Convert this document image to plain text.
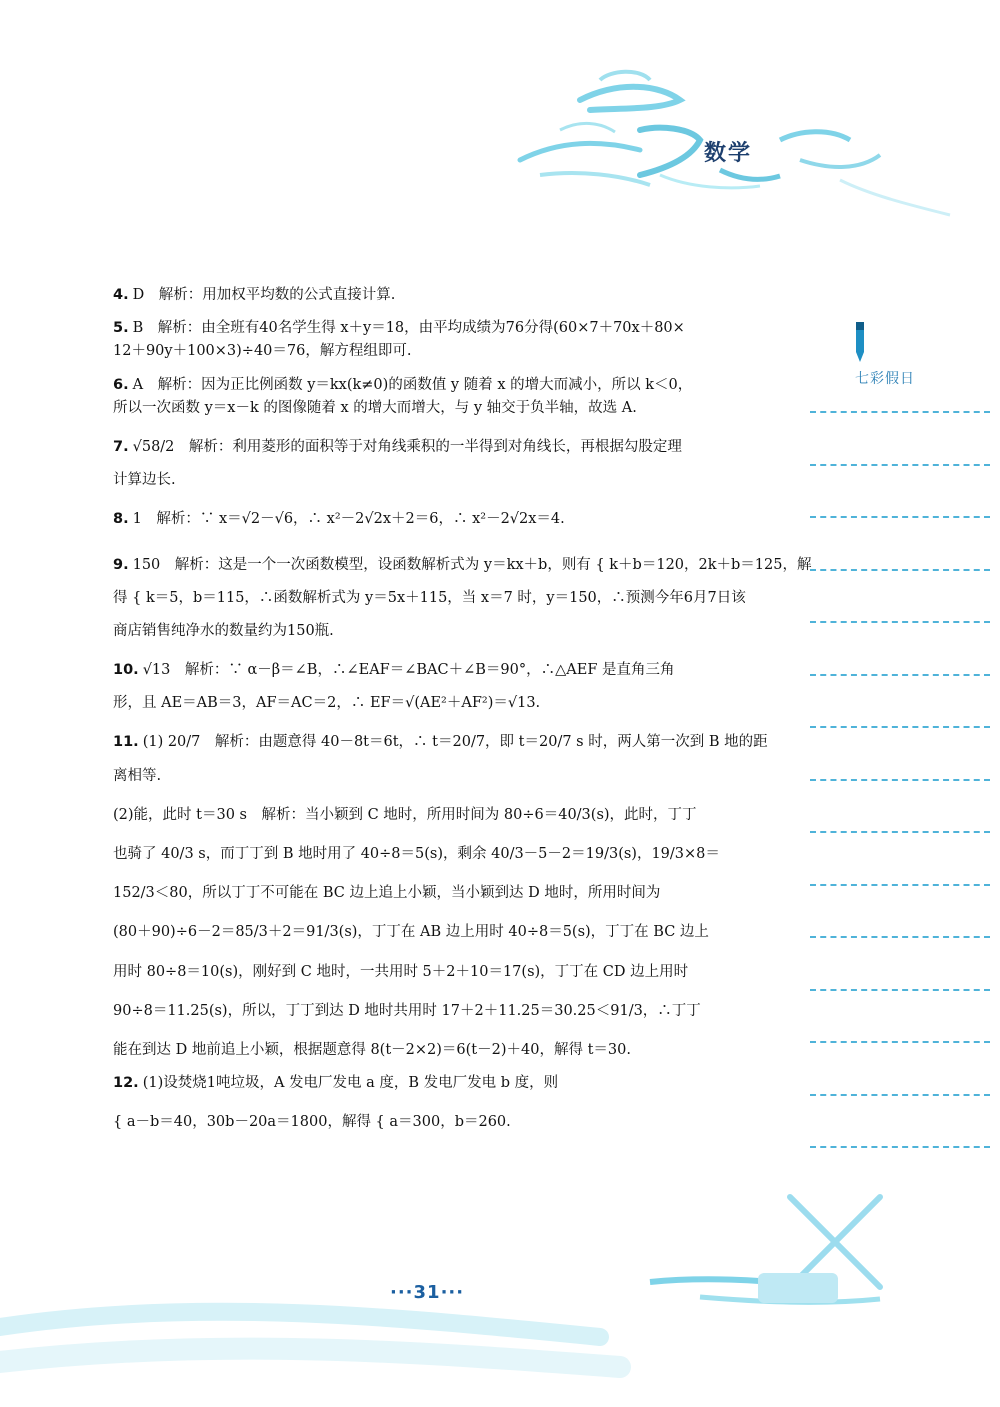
数学
七彩假日
4. D　解析：用加权平均数的公式直接计算.
5. B　解析：由全班有40名学生得 x＋y＝18，由平均成绩为76分得(60×7＋70x＋80×
12＋90y＋100×3)÷40＝76，解方程组即可.
6. A　解析：因为正比例函数 y＝kx(k≠0)的函数值 y 随着 x 的增大而减小，所以 k＜0，
所以一次函数 y＝x－k 的图像随着 x 的增大而增大，与 y 轴交于负半轴，故选 A.
7. √58/2　解析：利用菱形的面积等于对角线乘积的一半得到对角线长，再根据勾股定理
计算边长.
8. 1　解析：∵ x＝√2－√6，∴ x²－2√2x＋2＝6，∴ x²－2√2x＝4.
9. 150　解析：这是一个一次函数模型，设函数解析式为 y＝kx＋b，则有 { k＋b＝120，2k＋b＝125，解
得 { k＝5，b＝115，∴函数解析式为 y＝5x＋115，当 x＝7 时，y＝150，∴预测今年6月7日该
商店销售纯净水的数量约为150瓶.
10. √13　解析：∵ α－β＝∠B，∴∠EAF＝∠BAC＋∠B＝90°，∴△AEF 是直角三角
形，且 AE＝AB＝3，AF＝AC＝2，∴ EF＝√(AE²＋AF²)＝√13.
11. (1) 20/7　解析：由题意得 40－8t＝6t，∴ t＝20/7，即 t＝20/7 s 时，两人第一次到 B 地的距
离相等.
(2)能，此时 t＝30 s　解析：当小颖到 C 地时，所用时间为 80÷6＝40/3(s)，此时，丁丁
也骑了 40/3 s，而丁丁到 B 地时用了 40÷8＝5(s)，剩余 40/3－5－2＝19/3(s)，19/3×8＝
152/3＜80，所以丁丁不可能在 BC 边上追上小颖，当小颖到达 D 地时，所用时间为
(80＋90)÷6－2＝85/3＋2＝91/3(s)，丁丁在 AB 边上用时 40÷8＝5(s)，丁丁在 BC 边上
用时 80÷8＝10(s)，刚好到 C 地时，一共用时 5＋2＋10＝17(s)，丁丁在 CD 边上用时
90÷8＝11.25(s)，所以，丁丁到达 D 地时共用时 17＋2＋11.25＝30.25＜91/3，∴丁丁
能在到达 D 地前追上小颖，根据题意得 8(t－2×2)＝6(t－2)＋40，解得 t＝30.
12. (1)设焚烧1吨垃圾，A 发电厂发电 a 度，B 发电厂发电 b 度，则
{ a－b＝40，30b－20a＝1800，解得 { a＝300，b＝260.
···31···
